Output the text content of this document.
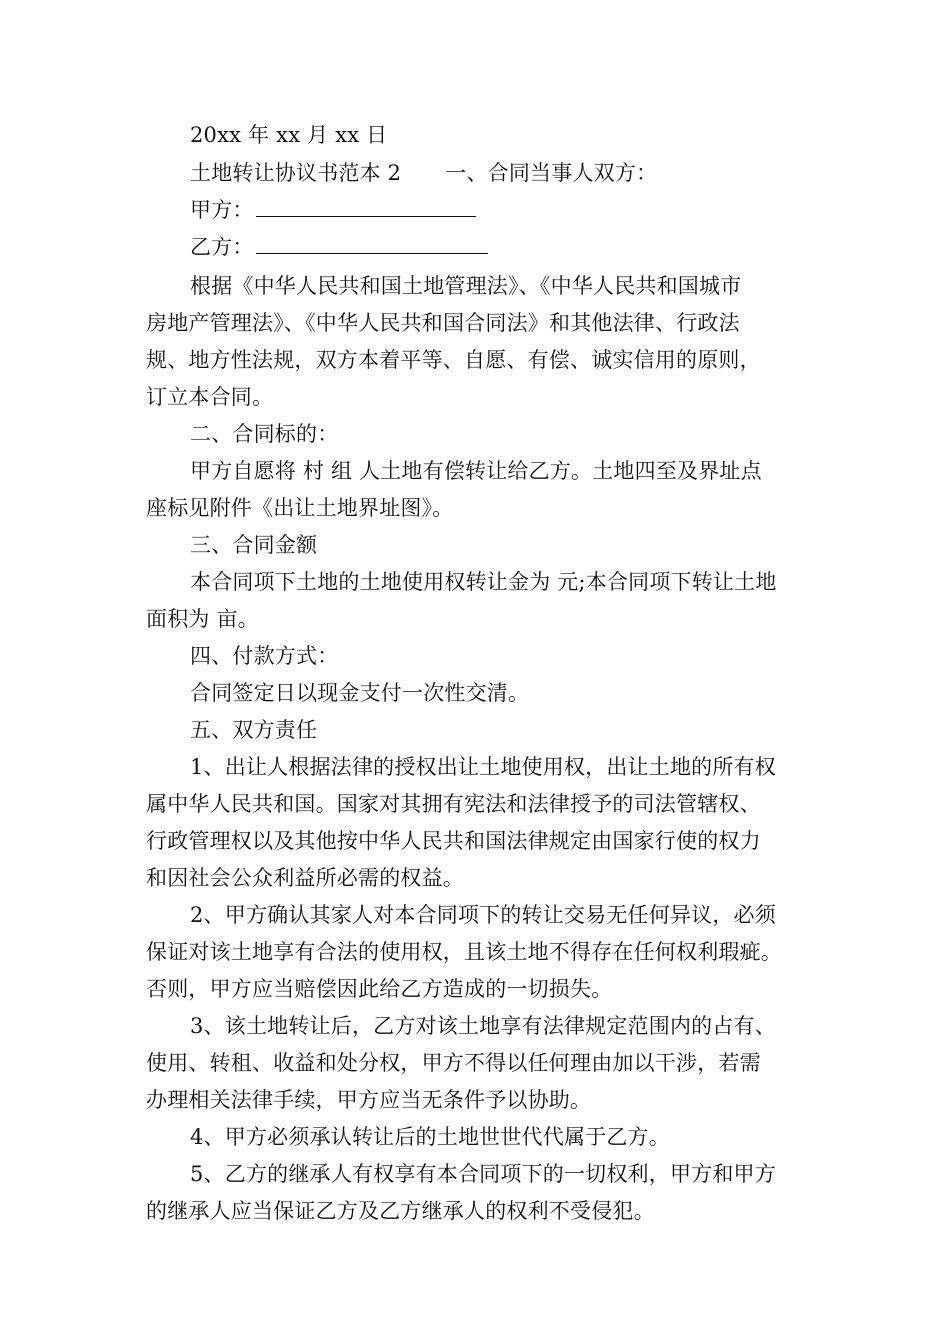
20xx 年 xx 月 xx 日
土地转让协议书范本 2 一、合同当事人双方：
甲方：
乙方：
根据《中华人民共和国土地管理法》、《中华人民共和国城市
房地产管理法》、《中华人民共和国合同法》和其他法律、行政法
规、地方性法规，双方本着平等、自愿、有偿、诚实信用的原则，
订立本合同。
二、合同标的：
甲方自愿将 村 组 人土地有偿转让给乙方。土地四至及界址点
座标见附件《出让土地界址图》。
三、合同金额
本合同项下土地的土地使用权转让金为 元;本合同项下转让土地
面积为 亩。
四、付款方式：
合同签定日以现金支付一次性交清。
五、双方责任
1、出让人根据法律的授权出让土地使用权，出让土地的所有权
属中华人民共和国。国家对其拥有宪法和法律授予的司法管辖权、
行政管理权以及其他按中华人民共和国法律规定由国家行使的权力
和因社会公众利益所必需的权益。
2、甲方确认其家人对本合同项下的转让交易无任何异议，必须
保证对该土地享有合法的使用权，且该土地不得存在任何权利瑕疵。
否则，甲方应当赔偿因此给乙方造成的一切损失。
3、该土地转让后，乙方对该土地享有法律规定范围内的占有、
使用、转租、收益和处分权，甲方不得以任何理由加以干涉，若需
办理相关法律手续，甲方应当无条件予以协助。
4、甲方必须承认转让后的土地世世代代属于乙方。
5、乙方的继承人有权享有本合同项下的一切权利，甲方和甲方
的继承人应当保证乙方及乙方继承人的权利不受侵犯。
